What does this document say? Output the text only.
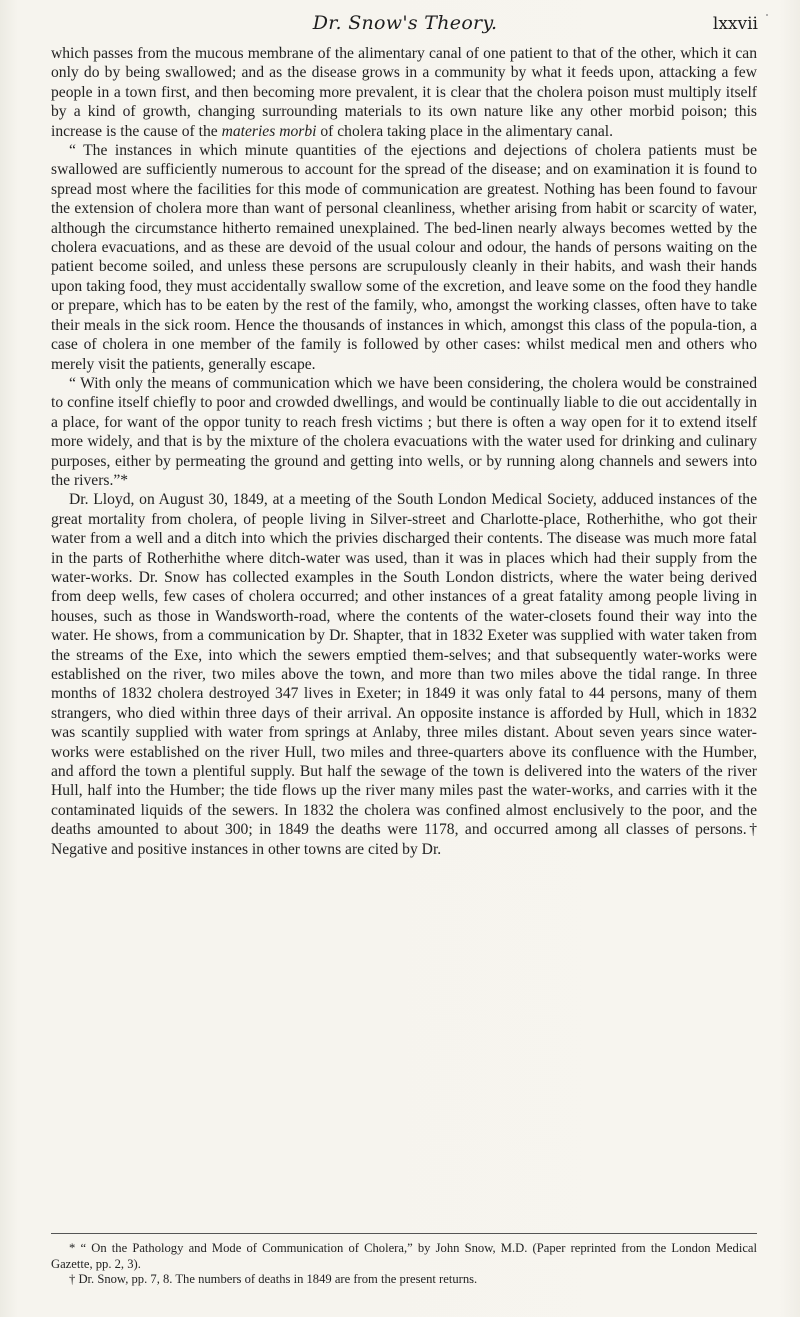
Dr. Snow's Theory.	lxxvii

which passes from the mucous membrane of the alimentary canal of one patient to that of the other, which it can only do by being swallowed; and as the disease grows in a community by what it feeds upon, attacking a few people in a town first, and then becoming more prevalent, it is clear that the cholera poison must multiply itself by a kind of growth, changing surrounding materials to its own nature like any other morbid poison; this increase is the cause of the materies morbi of cholera taking place in the alimentary canal.

“ The instances in which minute quantities of the ejections and dejections of cholera patients must be swallowed are sufficiently numerous to account for the spread of the disease; and on examination it is found to spread most where the facilities for this mode of communication are greatest. Nothing has been found to favour the extension of cholera more than want of personal cleanliness, whether arising from habit or scarcity of water, although the circumstance hitherto remained unexplained. The bed-linen nearly always becomes wetted by the cholera evacuations, and as these are devoid of the usual colour and odour, the hands of persons waiting on the patient become soiled, and unless these persons are scrupulously cleanly in their habits, and wash their hands upon taking food, they must accidentally swallow some of the excretion, and leave some on the food they handle or prepare, which has to be eaten by the rest of the family, who, amongst the working classes, often have to take their meals in the sick room. Hence the thousands of instances in which, amongst this class of the popula-tion, a case of cholera in one member of the family is followed by other cases: whilst medical men and others who merely visit the patients, generally escape.

“ With only the means of communication which we have been considering, the cholera would be constrained to confine itself chiefly to poor and crowded dwellings, and would be continually liable to die out accidentally in a place, for want of the oppor tunity to reach fresh victims ; but there is often a way open for it to extend itself more widely, and that is by the mixture of the cholera evacuations with the water used for drinking and culinary purposes, either by permeating the ground and getting into wells, or by running along channels and sewers into the rivers.”*

Dr. Lloyd, on August 30, 1849, at a meeting of the South London Medical Society, adduced instances of the great mortality from cholera, of people living in Silver-street and Charlotte-place, Rotherhithe, who got their water from a well and a ditch into which the privies discharged their contents. The disease was much more fatal in the parts of Rotherhithe where ditch-water was used, than it was in places which had their supply from the water-works. Dr. Snow has collected examples in the South London districts, where the water being derived from deep wells, few cases of cholera occurred; and other instances of a great fatality among people living in houses, such as those in Wandsworth-road, where the contents of the water-closets found their way into the water. He shows, from a communication by Dr. Shapter, that in 1832 Exeter was supplied with water taken from the streams of the Exe, into which the sewers emptied them-selves; and that subsequently water-works were established on the river, two miles above the town, and more than two miles above the tidal range. In three months of 1832 cholera destroyed 347 lives in Exeter; in 1849 it was only fatal to 44 persons, many of them strangers, who died within three days of their arrival. An opposite instance is afforded by Hull, which in 1832 was scantily supplied with water from springs at Anlaby, three miles distant. About seven years since water-works were established on the river Hull, two miles and three-quarters above its confluence with the Humber, and afford the town a plentiful supply. But half the sewage of the town is delivered into the waters of the river Hull, half into the Humber; the tide flows up the river many miles past the water-works, and carries with it the contaminated liquids of the sewers. In 1832 the cholera was confined almost enclusively to the poor, and the deaths amounted to about 300; in 1849 the deaths were 1178, and occurred among all classes of persons.† Negative and positive instances in other towns are cited by Dr.

* “ On the Pathology and Mode of Communication of Cholera,” by John Snow, M.D. (Paper reprinted from the London Medical Gazette, pp. 2, 3).

† Dr. Snow, pp. 7, 8. The numbers of deaths in 1849 are from the present returns.
